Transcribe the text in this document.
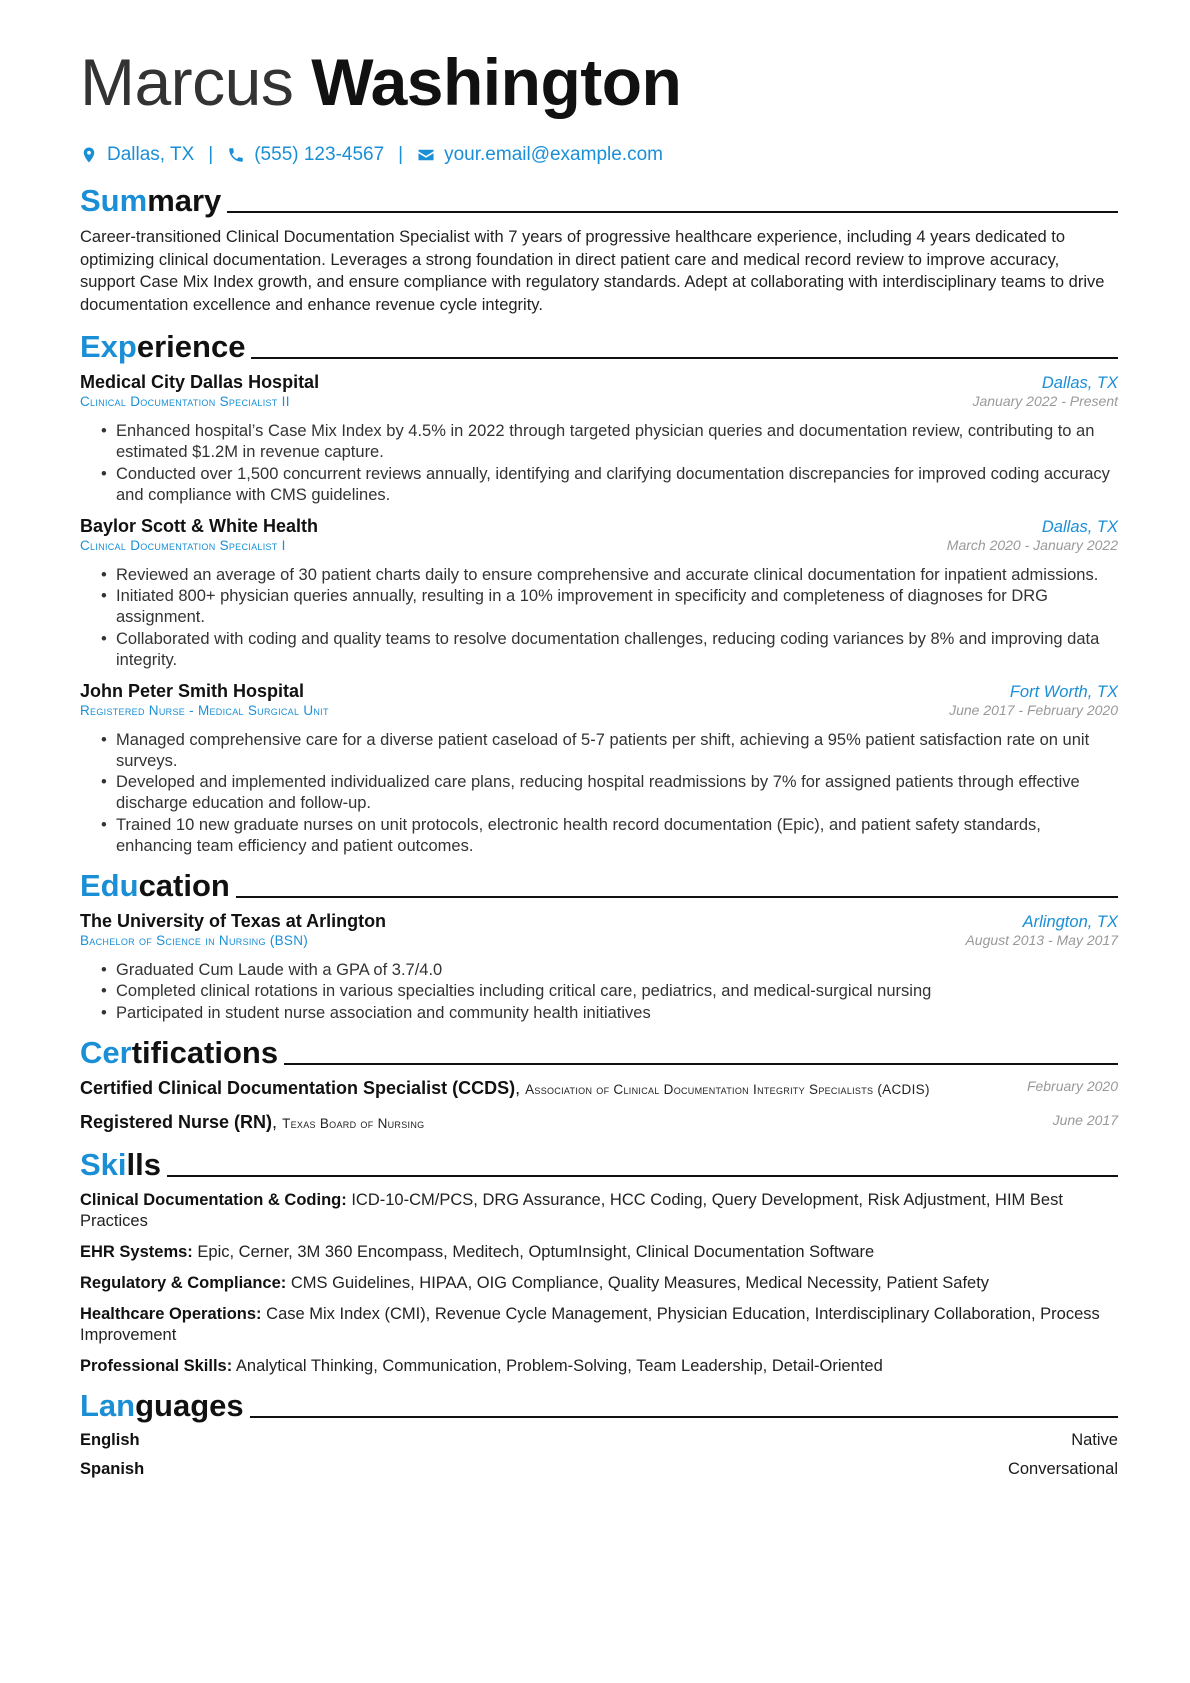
Marcus Washington
Dallas, TX | (555) 123-4567 | your.email@example.com
Summary

Career-transitioned Clinical Documentation Specialist with 7 years of progressive healthcare experience, including 4 years dedicated to optimizing clinical documentation. Leverages a strong foundation in direct patient care and medical record review to improve accuracy, support Case Mix Index growth, and ensure compliance with regulatory standards. Adept at collaborating with interdisciplinary teams to drive documentation excellence and enhance revenue cycle integrity.

Experience
Medical City Dallas Hospital	Dallas, TX
Clinical Documentation Specialist II	January 2022 - Present
• Enhanced hospital’s Case Mix Index by 4.5% in 2022 through targeted physician queries and documentation review, contributing to an estimated $1.2M in revenue capture.
• Conducted over 1,500 concurrent reviews annually, identifying and clarifying documentation discrepancies for improved coding accuracy and compliance with CMS guidelines.
Baylor Scott & White Health	Dallas, TX
Clinical Documentation Specialist I	March 2020 - January 2022
• Reviewed an average of 30 patient charts daily to ensure comprehensive and accurate clinical documentation for inpatient admissions.
• Initiated 800+ physician queries annually, resulting in a 10% improvement in specificity and completeness of diagnoses for DRG assignment.
• Collaborated with coding and quality teams to resolve documentation challenges, reducing coding variances by 8% and improving data integrity.
John Peter Smith Hospital	Fort Worth, TX
Registered Nurse - Medical Surgical Unit	June 2017 - February 2020
• Managed comprehensive care for a diverse patient caseload of 5-7 patients per shift, achieving a 95% patient satisfaction rate on unit surveys.
• Developed and implemented individualized care plans, reducing hospital readmissions by 7% for assigned patients through effective discharge education and follow-up.
• Trained 10 new graduate nurses on unit protocols, electronic health record documentation (Epic), and patient safety standards, enhancing team efficiency and patient outcomes.
Education
The University of Texas at Arlington	Arlington, TX
Bachelor of Science in Nursing (BSN)	August 2013 - May 2017
• Graduated Cum Laude with a GPA of 3.7/4.0
• Completed clinical rotations in various specialties including critical care, pediatrics, and medical-surgical nursing
• Participated in student nurse association and community health initiatives
Certifications
Certified Clinical Documentation Specialist (CCDS), Association of Clinical Documentation Integrity Specialists (ACDIS)	February 2020
Registered Nurse (RN), Texas Board of Nursing	June 2017
Skills
Clinical Documentation & Coding: ICD-10-CM/PCS, DRG Assurance, HCC Coding, Query Development, Risk Adjustment, HIM Best Practices
EHR Systems: Epic, Cerner, 3M 360 Encompass, Meditech, OptumInsight, Clinical Documentation Software
Regulatory & Compliance: CMS Guidelines, HIPAA, OIG Compliance, Quality Measures, Medical Necessity, Patient Safety
Healthcare Operations: Case Mix Index (CMI), Revenue Cycle Management, Physician Education, Interdisciplinary Collaboration, Process Improvement
Professional Skills: Analytical Thinking, Communication, Problem-Solving, Team Leadership, Detail-Oriented
Languages
English	Native
Spanish	Conversational
